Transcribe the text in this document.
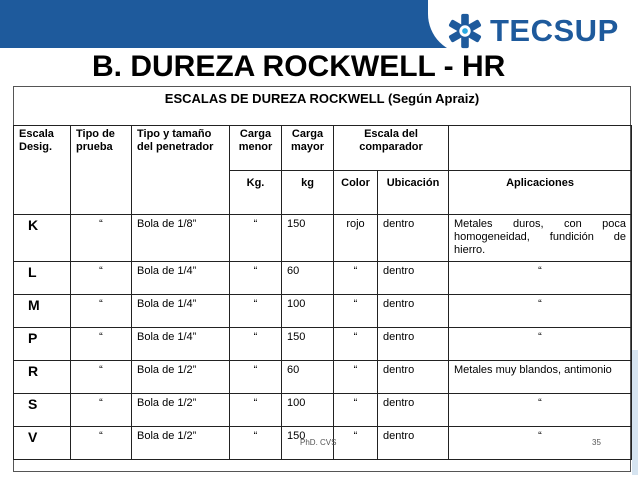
TECSUP
B. DUREZA ROCKWELL - HR
ESCALAS DE DUREZA ROCKWELL (Según Apraiz)
Escala Desig.	Tipo de prueba	Tipo y tamaño del penetrador	Carga menor	Carga mayor	Escala del comparador		
			Kg.	kg	Color	Ubicación	Aplicaciones
K	“	Bola de 1/8”	“	150	rojo	dentro	Metales duros, con poca homogeneidad, fundición de hierro.
L	“	Bola de 1/4”	“	60	“	dentro	“
M	“	Bola de 1/4”	“	100	“	dentro	“
P	“	Bola de 1/4”	“	150	“	dentro	“
R	“	Bola de 1/2”	“	60	“	dentro	Metales muy blandos, antimonio
S	“	Bola de 1/2”	“	100	“	dentro	“
V	“	Bola de 1/2”	“	150	“	dentro	“
PhD. CVS	35
